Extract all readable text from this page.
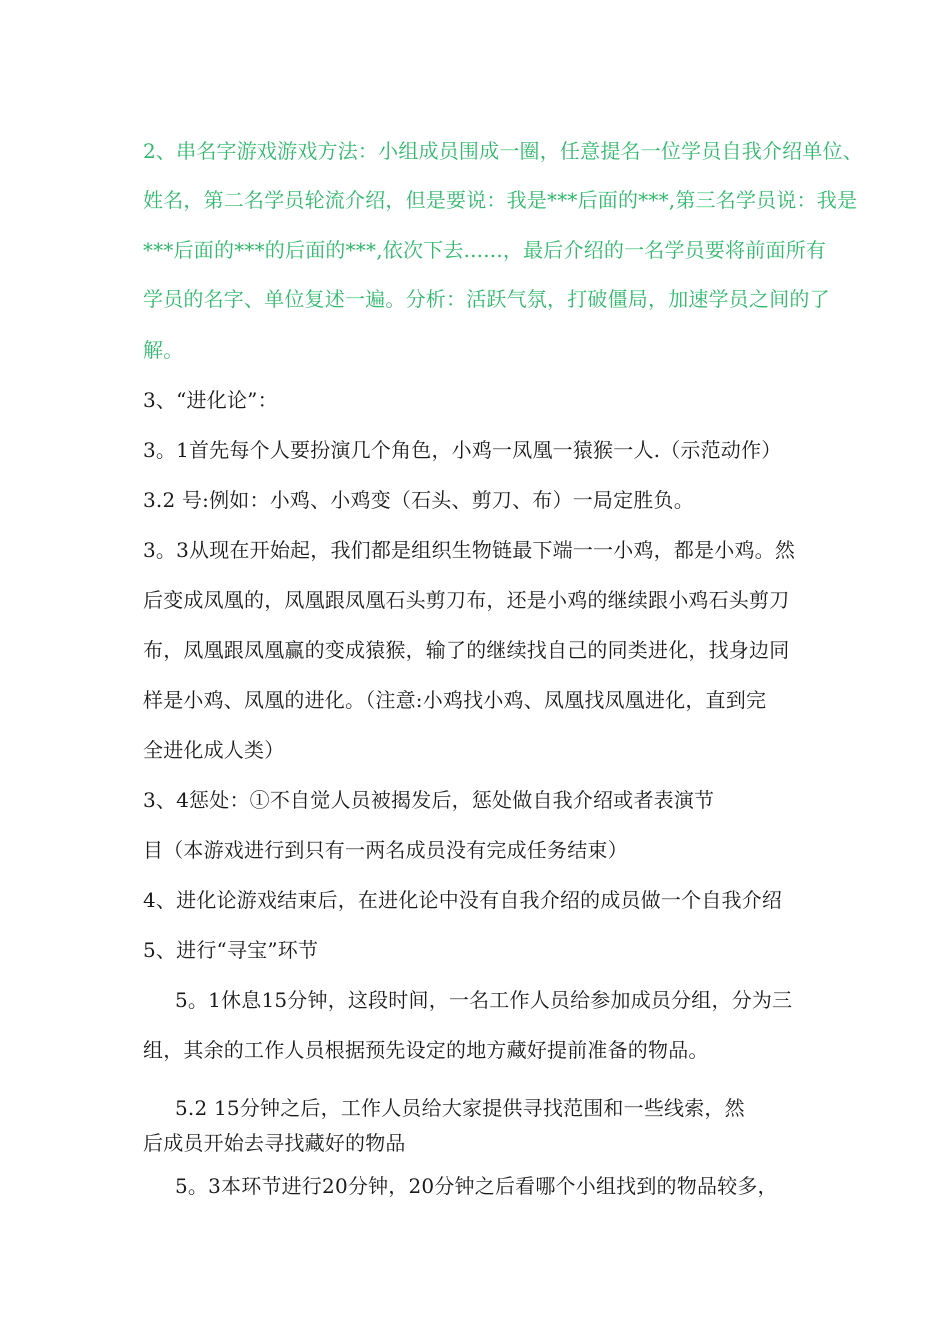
2、串名字游戏游戏方法：小组成员围成一圈，任意提名一位学员自我介绍单位、
姓名，第二名学员轮流介绍，但是要说：我是***后面的***,第三名学员说：我是
***后面的***的后面的***,依次下去......，最后介绍的一名学员要将前面所有
学员的名字、单位复述一遍。分析：活跃气氛，打破僵局，加速学员之间的了
解。
3、“进化论”：
3。1首先每个人要扮演几个角色，小鸡一凤凰一猿猴一人.（示范动作）
3.2 号:例如：小鸡、小鸡变（石头、剪刀、布）一局定胜负。
3。3从现在开始起，我们都是组织生物链最下端一一小鸡，都是小鸡。然
后变成凤凰的，凤凰跟凤凰石头剪刀布，还是小鸡的继续跟小鸡石头剪刀
布，凤凰跟凤凰赢的变成猿猴，输了的继续找自己的同类进化，找身边同
样是小鸡、凤凰的进化。（注意:小鸡找小鸡、凤凰找凤凰进化，直到完
全进化成人类）
3、4惩处：①不自觉人员被揭发后，惩处做自我介绍或者表演节
目（本游戏进行到只有一两名成员没有完成任务结束）
4、进化论游戏结束后，在进化论中没有自我介绍的成员做一个自我介绍
5、进行“寻宝”环节
5。1休息15分钟，这段时间，一名工作人员给参加成员分组，分为三
组，其余的工作人员根据预先设定的地方藏好提前准备的物品。
5.2 15分钟之后，工作人员给大家提供寻找范围和一些线索，然
后成员开始去寻找藏好的物品
5。3本环节进行20分钟，20分钟之后看哪个小组找到的物品较多，
